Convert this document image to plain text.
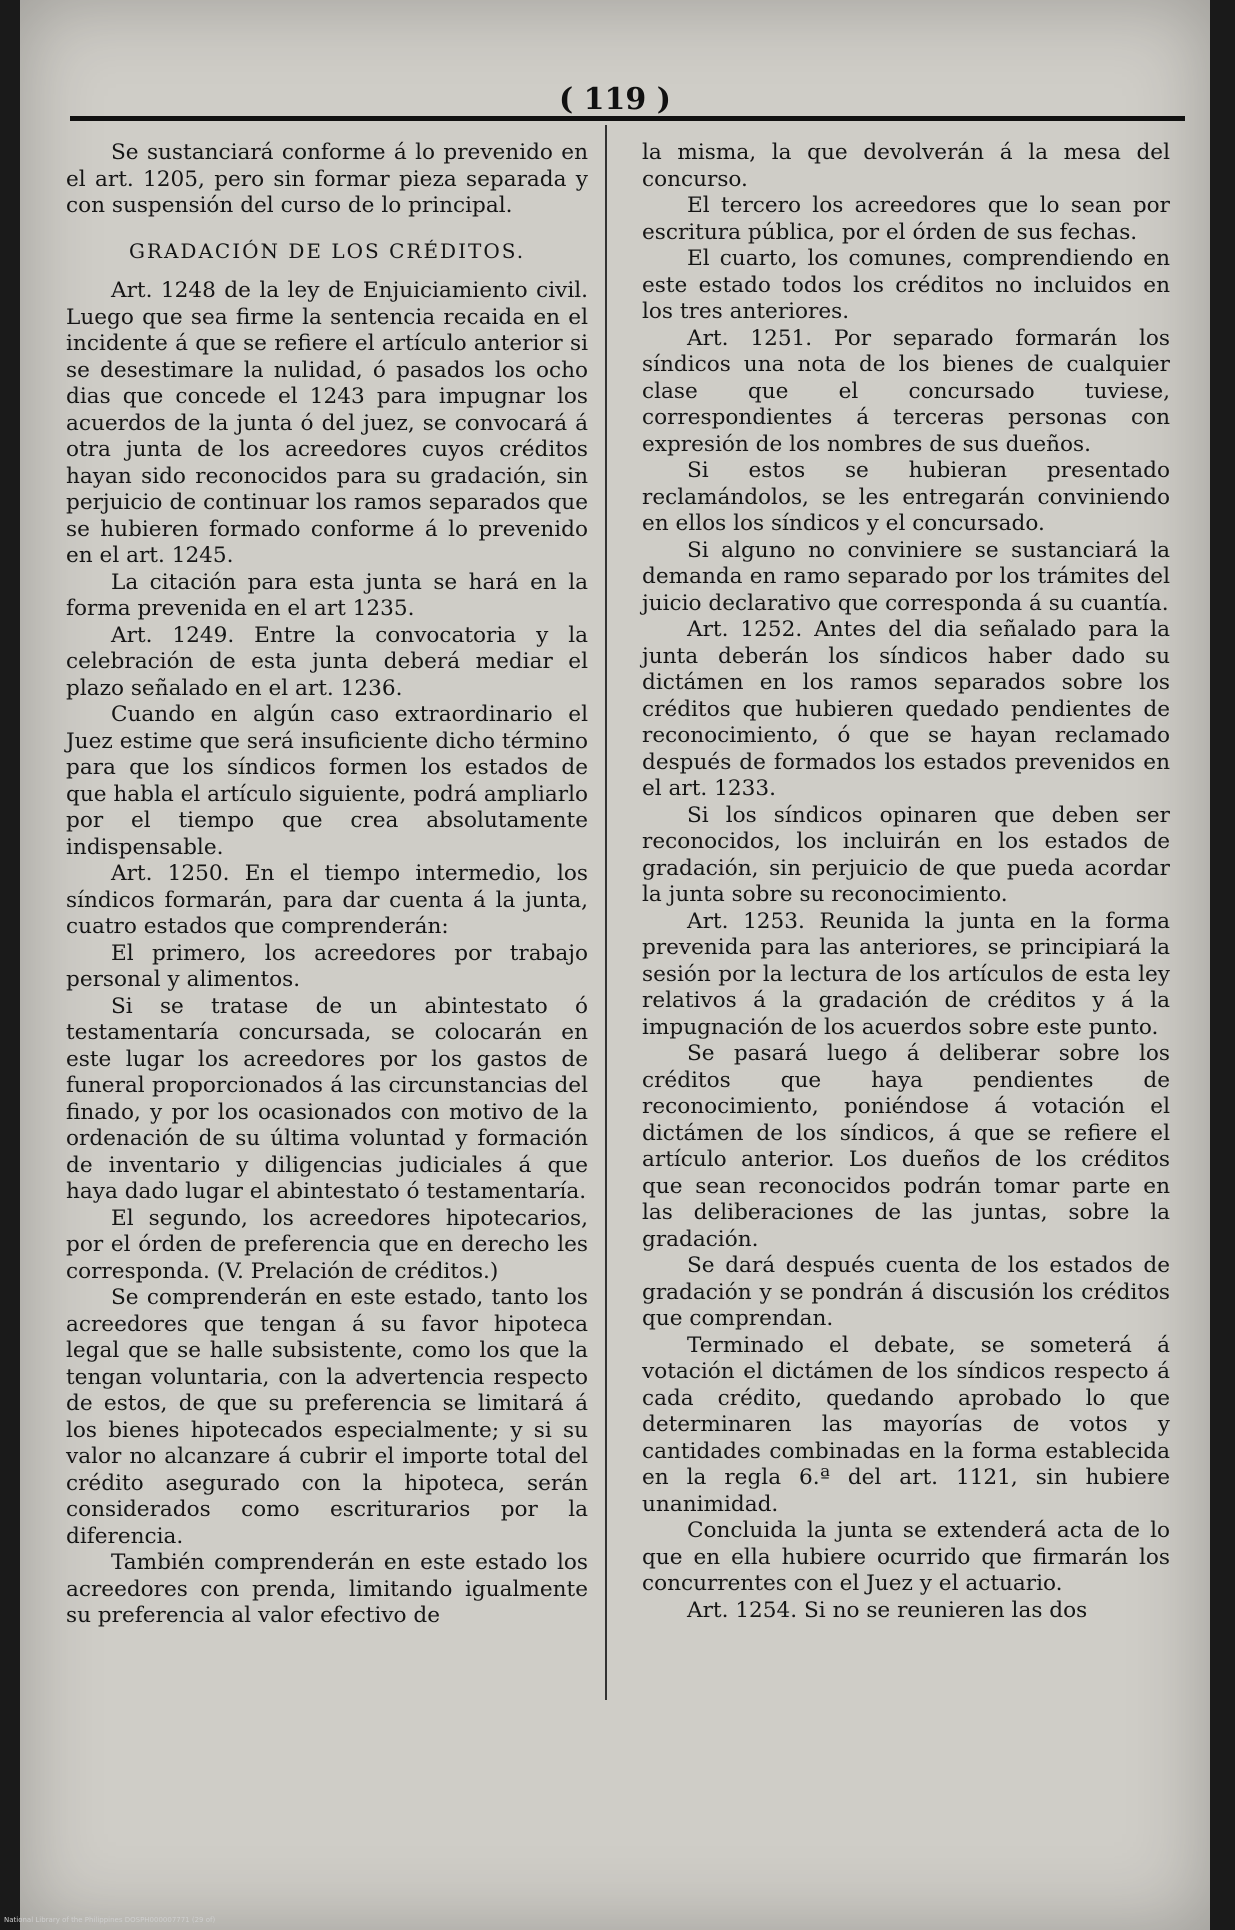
( 119 )

Se sustanciará conforme á lo prevenido en el art. 1205, pero sin formar pieza separada y con suspensión del curso de lo principal.

GRADACIÓN DE LOS CRÉDITOS.

Art. 1248 de la ley de Enjuiciamiento civil. Luego que sea firme la sentencia recaida en el incidente á que se refiere el artículo anterior si se desestimare la nulidad, ó pasados los ocho dias que concede el 1243 para impugnar los acuerdos de la junta ó del juez, se convocará á otra junta de los acreedores cuyos créditos hayan sido reconocidos para su gradación, sin perjuicio de continuar los ramos separados que se hubieren formado conforme á lo prevenido en el art. 1245.

La citación para esta junta se hará en la forma prevenida en el art 1235.

Art. 1249. Entre la convocatoria y la celebración de esta junta deberá mediar el plazo señalado en el art. 1236.

Cuando en algún caso extraordinario el Juez estime que será insuficiente dicho término para que los síndicos formen los estados de que habla el artículo siguiente, podrá ampliarlo por el tiempo que crea absolutamente indispensable.

Art. 1250. En el tiempo intermedio, los síndicos formarán, para dar cuenta á la junta, cuatro estados que comprenderán:

El primero, los acreedores por trabajo personal y alimentos.

Si se tratase de un abintestato ó testamentaría concursada, se colocarán en este lugar los acreedores por los gastos de funeral proporcionados á las circunstancias del finado, y por los ocasionados con motivo de la ordenación de su última voluntad y formación de inventario y diligencias judiciales á que haya dado lugar el abintestato ó testamentaría.

El segundo, los acreedores hipotecarios, por el órden de preferencia que en derecho les corresponda. (V. Prelación de créditos.)

Se comprenderán en este estado, tanto los acreedores que tengan á su favor hipoteca legal que se halle subsistente, como los que la tengan voluntaria, con la advertencia respecto de estos, de que su preferencia se limitará á los bienes hipotecados especialmente; y si su valor no alcanzare á cubrir el importe total del crédito asegurado con la hipoteca, serán considerados como escriturarios por la diferencia.

También comprenderán en este estado los acreedores con prenda, limitando igualmente su preferencia al valor efectivo de

la misma, la que devolverán á la mesa del concurso.

El tercero los acreedores que lo sean por escritura pública, por el órden de sus fechas.

El cuarto, los comunes, comprendiendo en este estado todos los créditos no incluidos en los tres anteriores.

Art. 1251. Por separado formarán los síndicos una nota de los bienes de cualquier clase que el concursado tuviese, correspondientes á terceras personas con expresión de los nombres de sus dueños.

Si estos se hubieran presentado reclamándolos, se les entregarán conviniendo en ellos los síndicos y el concursado.

Si alguno no conviniere se sustanciará la demanda en ramo separado por los trámites del juicio declarativo que corresponda á su cuantía.

Art. 1252. Antes del dia señalado para la junta deberán los síndicos haber dado su dictámen en los ramos separados sobre los créditos que hubieren quedado pendientes de reconocimiento, ó que se hayan reclamado después de formados los estados prevenidos en el art. 1233.

Si los síndicos opinaren que deben ser reconocidos, los incluirán en los estados de gradación, sin perjuicio de que pueda acordar la junta sobre su reconocimiento.

Art. 1253. Reunida la junta en la forma prevenida para las anteriores, se principiará la sesión por la lectura de los artículos de esta ley relativos á la gradación de créditos y á la impugnación de los acuerdos sobre este punto.

Se pasará luego á deliberar sobre los créditos que haya pendientes de reconocimiento, poniéndose á votación el dictámen de los síndicos, á que se refiere el artículo anterior. Los dueños de los créditos que sean reconocidos podrán tomar parte en las deliberaciones de las juntas, sobre la gradación.

Se dará después cuenta de los estados de gradación y se pondrán á discusión los créditos que comprendan.

Terminado el debate, se someterá á votación el dictámen de los síndicos respecto á cada crédito, quedando aprobado lo que determinaren las mayorías de votos y cantidades combinadas en la forma establecida en la regla 6.ª del art. 1121, sin hubiere unanimidad.

Concluida la junta se extenderá acta de lo que en ella hubiere ocurrido que firmarán los concurrentes con el Juez y el actuario.

Art. 1254. Si no se reunieren las dos

National Library of the Philippines DOSPH000007771 (29 of)
